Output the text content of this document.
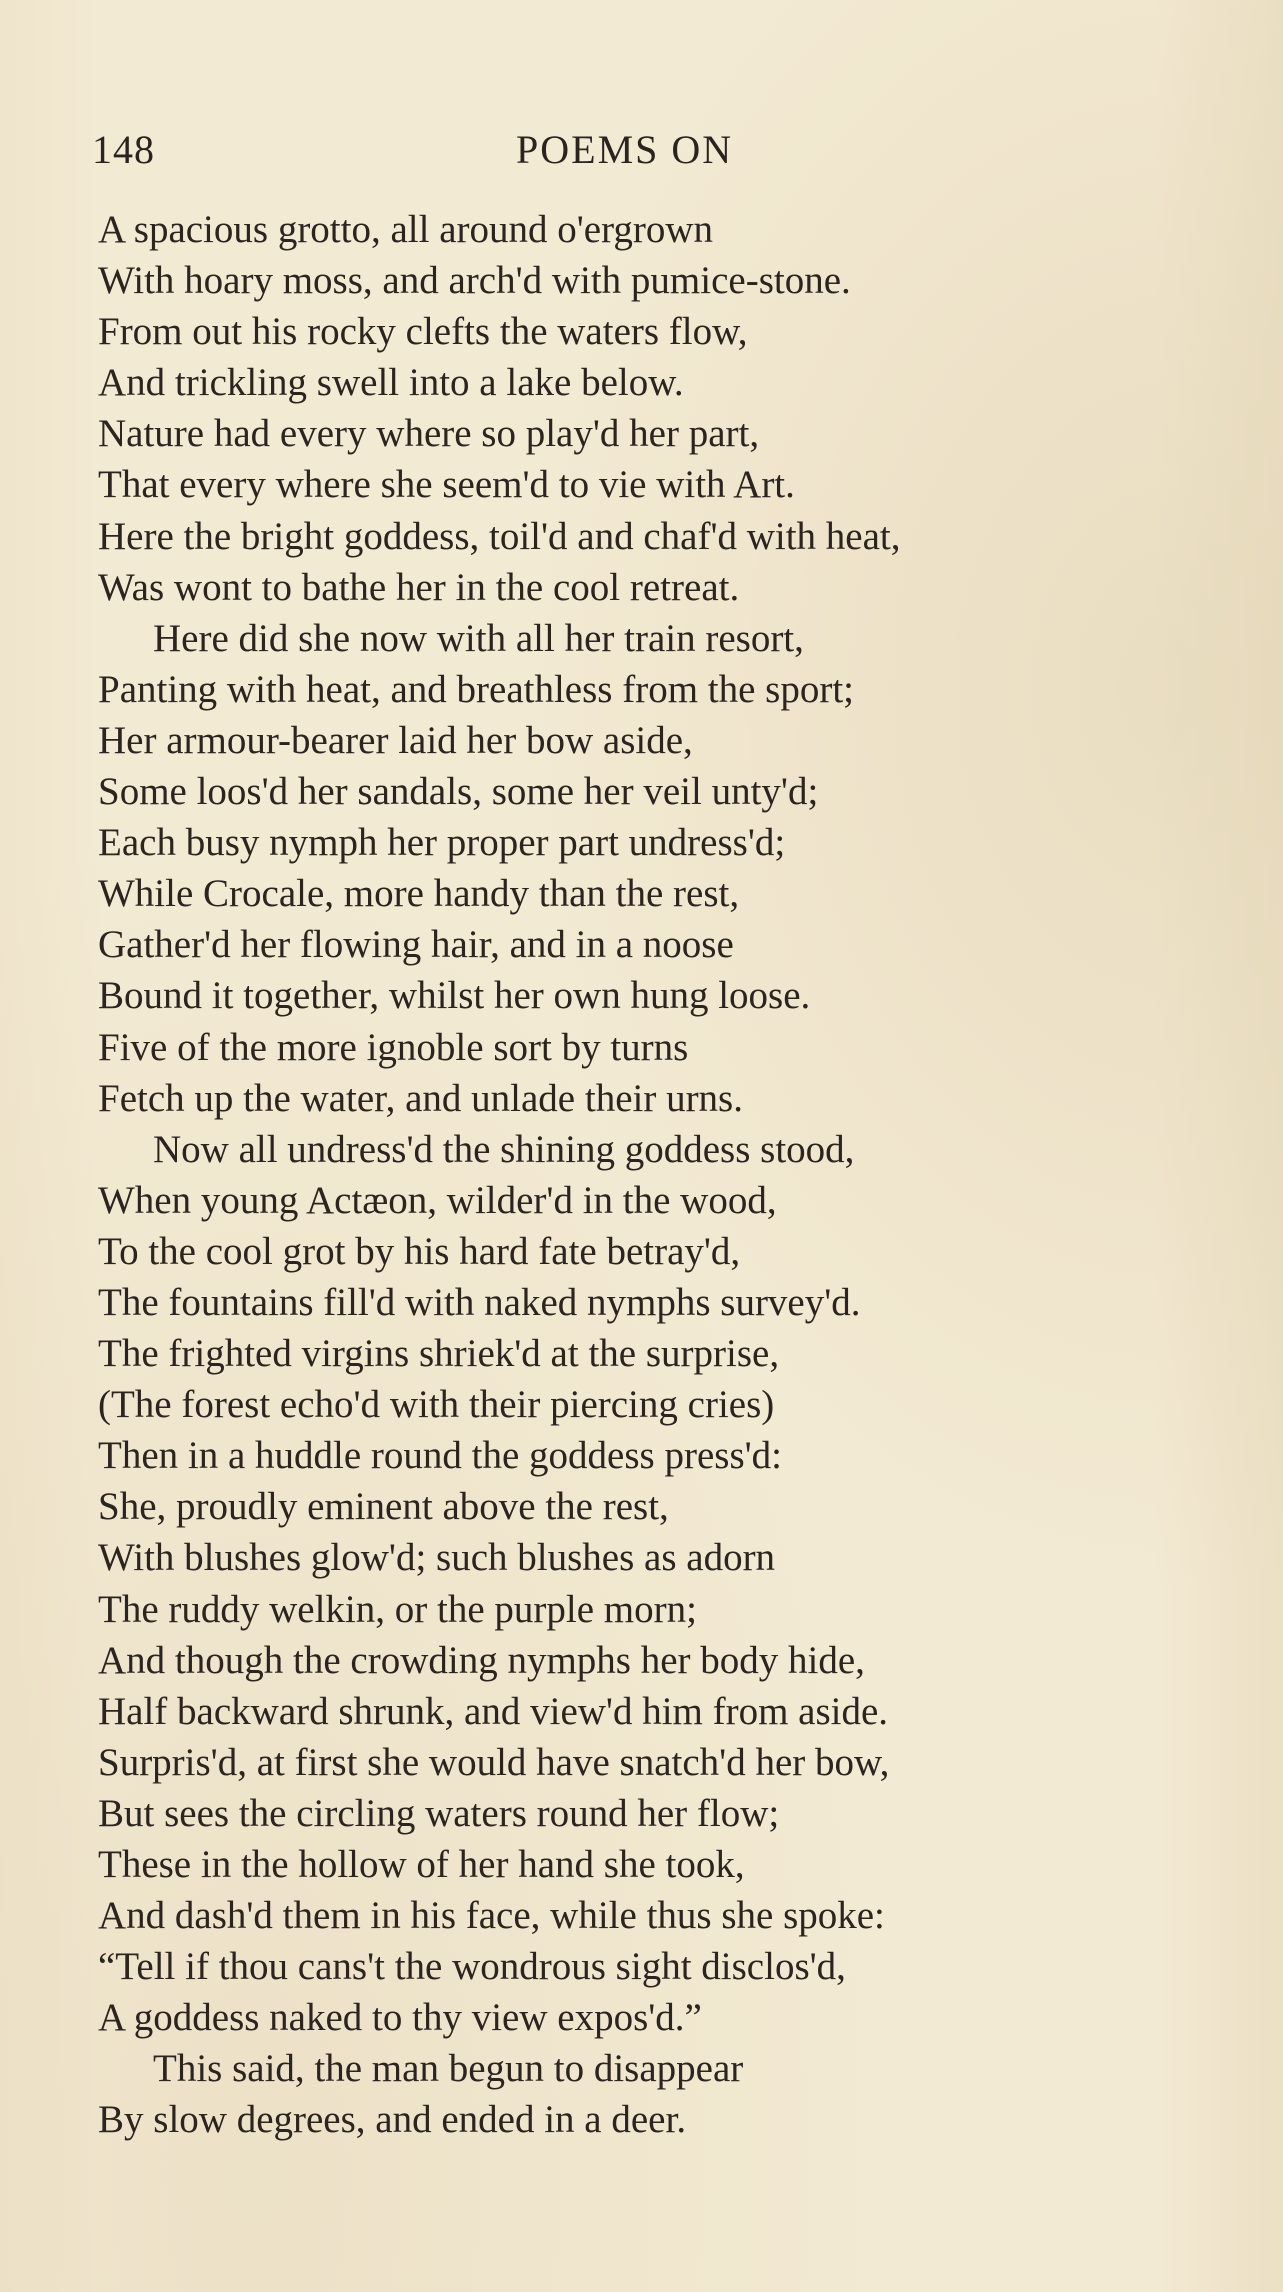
148	POEMS ON
A spacious grotto, all around o'ergrown
With hoary moss, and arch'd with pumice-stone.
From out his rocky clefts the waters flow,
And trickling swell into a lake below.
Nature had every where so play'd her part,
That every where she seem'd to vie with Art.
Here the bright goddess, toil'd and chaf'd with heat,
Was wont to bathe her in the cool retreat.
Here did she now with all her train resort,
Panting with heat, and breathless from the sport;
Her armour-bearer laid her bow aside,
Some loos'd her sandals, some her veil unty'd;
Each busy nymph her proper part undress'd;
While Crocale, more handy than the rest,
Gather'd her flowing hair, and in a noose
Bound it together, whilst her own hung loose.
Five of the more ignoble sort by turns
Fetch up the water, and unlade their urns.
Now all undress'd the shining goddess stood,
When young Actæon, wilder'd in the wood,
To the cool grot by his hard fate betray'd,
The fountains fill'd with naked nymphs survey'd.
The frighted virgins shriek'd at the surprise,
(The forest echo'd with their piercing cries)
Then in a huddle round the goddess press'd:
She, proudly eminent above the rest,
With blushes glow'd; such blushes as adorn
The ruddy welkin, or the purple morn;
And though the crowding nymphs her body hide,
Half backward shrunk, and view'd him from aside.
Surpris'd, at first she would have snatch'd her bow,
But sees the circling waters round her flow;
These in the hollow of her hand she took,
And dash'd them in his face, while thus she spoke:
“Tell if thou cans't the wondrous sight disclos'd,
A goddess naked to thy view expos'd.”
This said, the man begun to disappear
By slow degrees, and ended in a deer.
